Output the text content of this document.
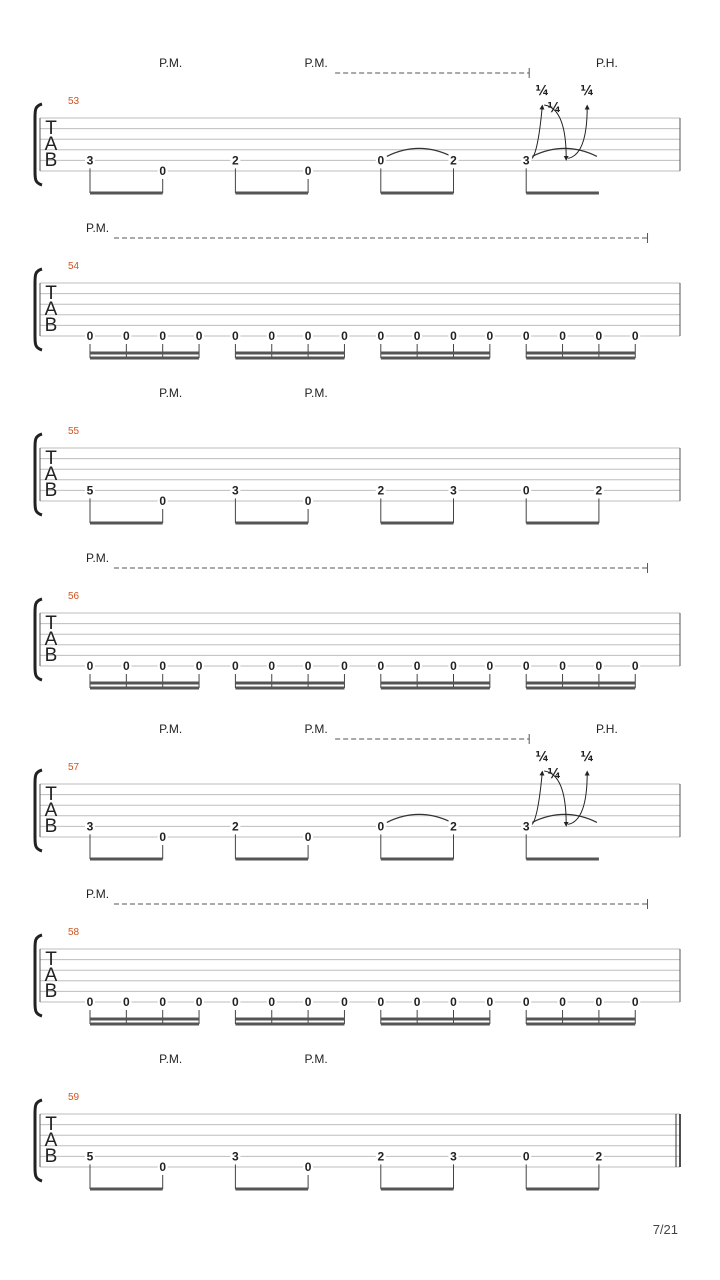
T
A
B
53
P.M.	P.M.	P.H.
¼
¼
¼
3
0
2
0
0	2	3
T
A
B
54
P.M.
0 0 0 0 0 0 0 0 0 0 0 0 0 0 0 0
T
A
B
55
P.M.	P.M.
5
0
3
0
2	3	0	2
T
A
B
56
P.M.
0 0 0 0 0 0 0 0 0 0 0 0 0 0 0 0
T
A
B
57
P.M.	P.M.	P.H.
¼
¼
¼
3
0
2
0
0	2	3
T
A
B
58
P.M.
0 0 0 0 0 0 0 0 0 0 0 0 0 0 0 0
T
A
B
59
P.M.	P.M.
5
0
3
0
2	3	0	2
7/21
